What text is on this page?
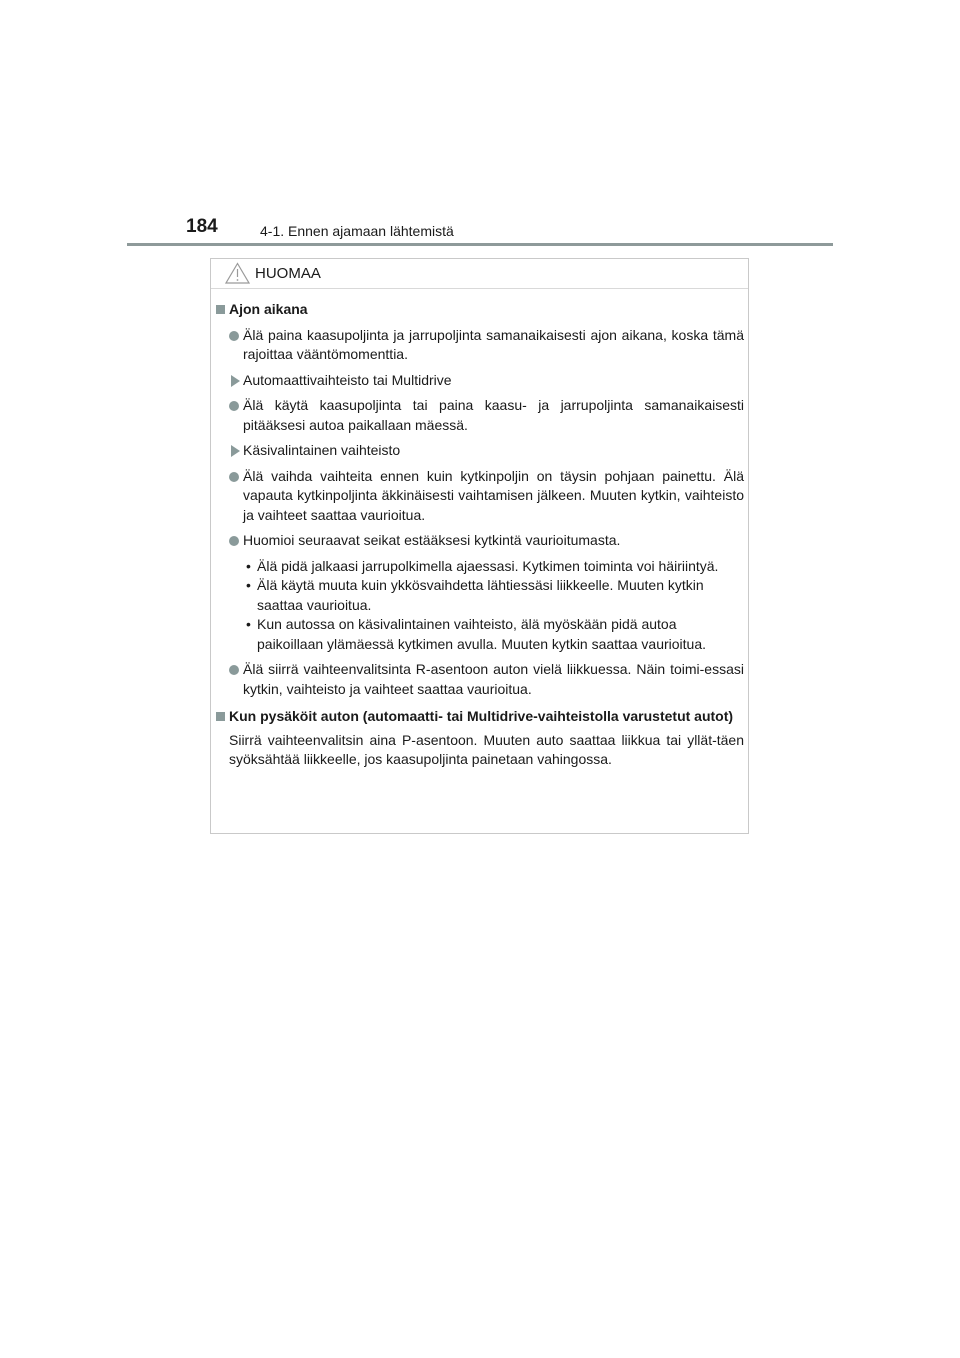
184	4-1. Ennen ajamaan lähtemistä
HUOMAA
Ajon aikana
Älä paina kaasupoljinta ja jarrupoljinta samanaikaisesti ajon aikana, koska tämä rajoittaa vääntömomenttia.
Automaattivaihteisto tai Multidrive
Älä käytä kaasupoljinta tai paina kaasu- ja jarrupoljinta samanaikaisesti pitääksesi autoa paikallaan mäessä.
Käsivalintainen vaihteisto
Älä vaihda vaihteita ennen kuin kytkinpoljin on täysin pohjaan painettu. Älä vapauta kytkinpoljinta äkkinäisesti vaihtamisen jälkeen. Muuten kytkin, vaihteisto ja vaihteet saattaa vaurioitua.
Huomioi seuraavat seikat estääksesi kytkintä vaurioitumasta.
• Älä pidä jalkaasi jarrupolkimella ajaessasi. Kytkimen toiminta voi häiriintyä.
• Älä käytä muuta kuin ykkösvaihdetta lähtiessäsi liikkeelle. Muuten kytkin saattaa vaurioitua.
• Kun autossa on käsivalintainen vaihteisto, älä myöskään pidä autoa paikoillaan ylämäessä kytkimen avulla. Muuten kytkin saattaa vaurioitua.
Älä siirrä vaihteenvalitsinta R-asentoon auton vielä liikkuessa. Näin toimi-essasi kytkin, vaihteisto ja vaihteet saattaa vaurioitua.
Kun pysäköit auton (automaatti- tai Multidrive-vaihteistolla varustetut autot)
Siirrä vaihteenvalitsin aina P-asentoon. Muuten auto saattaa liikkua tai yllät-täen syöksähtää liikkeelle, jos kaasupoljinta painetaan vahingossa.
